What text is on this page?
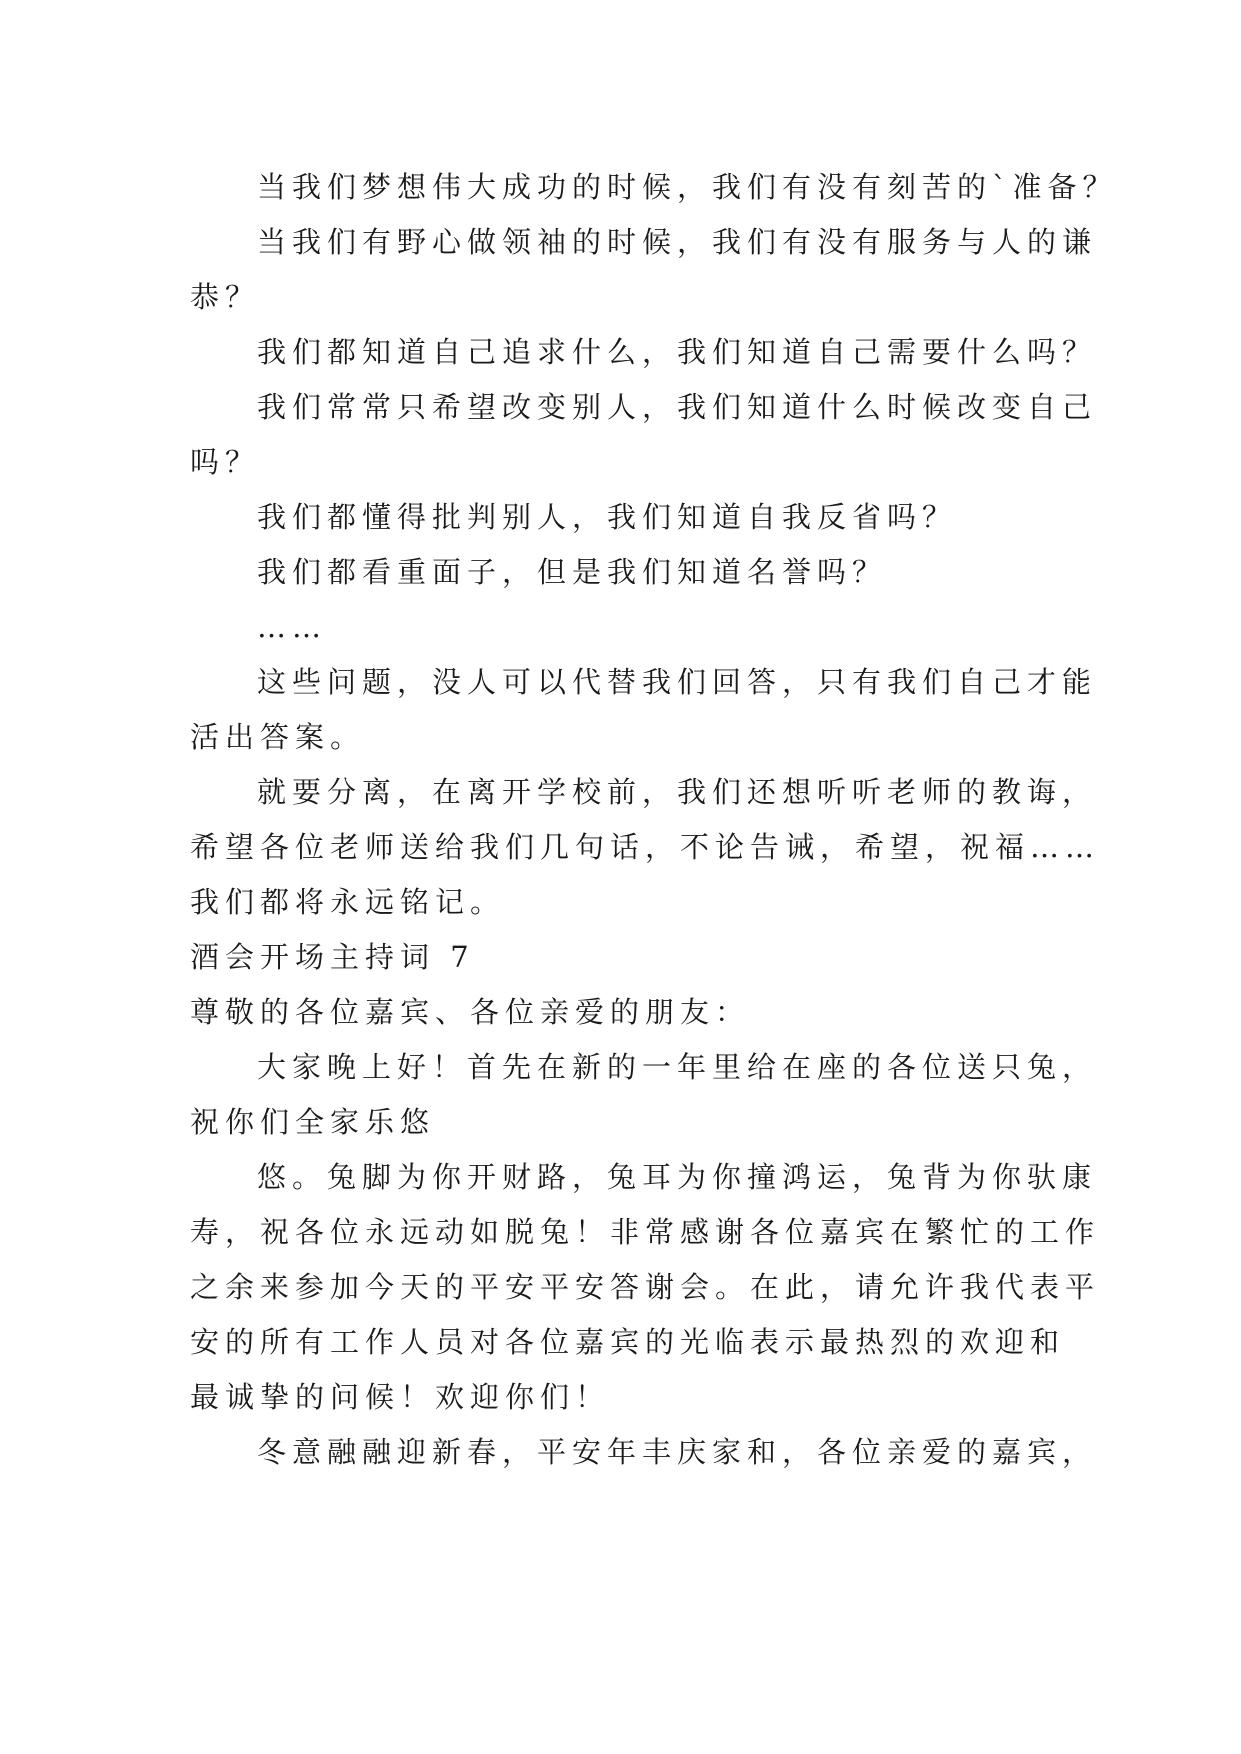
当我们梦想伟大成功的时候，我们有没有刻苦的`准备？
当我们有野心做领袖的时候，我们有没有服务与人的谦
恭？
我们都知道自己追求什么，我们知道自己需要什么吗？
我们常常只希望改变别人，我们知道什么时候改变自己
吗？
我们都懂得批判别人，我们知道自我反省吗？
我们都看重面子，但是我们知道名誉吗？
……
这些问题，没人可以代替我们回答，只有我们自己才能
活出答案。
就要分离，在离开学校前，我们还想听听老师的教诲，
希望各位老师送给我们几句话，不论告诫，希望，祝福……
我们都将永远铭记。
酒会开场主持词 7
尊敬的各位嘉宾、各位亲爱的朋友：
大家晚上好！首先在新的一年里给在座的各位送只兔，
祝你们全家乐悠
悠。兔脚为你开财路，兔耳为你撞鸿运，兔背为你驮康
寿，祝各位永远动如脱兔！非常感谢各位嘉宾在繁忙的工作
之余来参加今天的平安平安答谢会。在此，请允许我代表平
安的所有工作人员对各位嘉宾的光临表示最热烈的欢迎和
最诚挚的问候！欢迎你们！
冬意融融迎新春，平安年丰庆家和，各位亲爱的嘉宾，
